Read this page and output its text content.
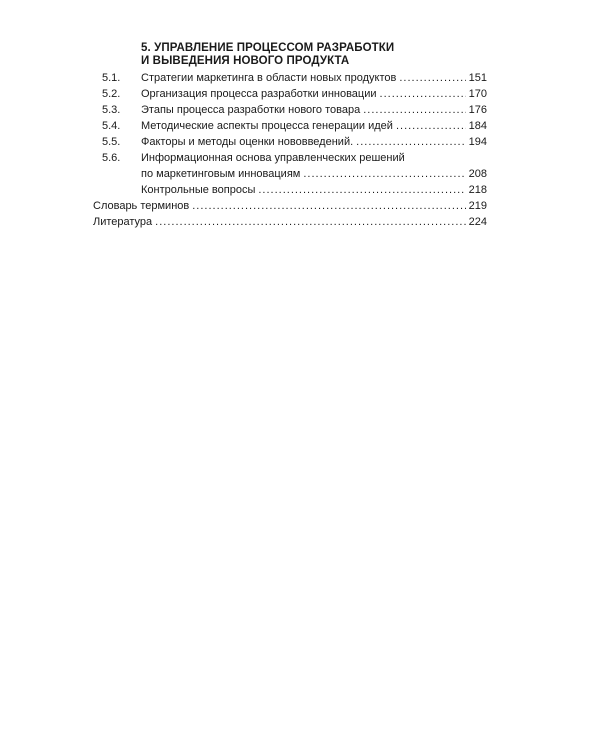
5. УПРАВЛЕНИЕ ПРОЦЕССОМ РАЗРАБОТКИ
И ВЫВЕДЕНИЯ НОВОГО ПРОДУКТА
5.1. Стратегии маркетинга в области новых продуктов .....	151
5.2. Организация процесса разработки инновации .....	170
5.3. Этапы процесса разработки нового товара .....	176
5.4. Методические аспекты процесса генерации идей .....	184
5.5. Факторы и методы оценки нововведений. .....	194
5.6. Информационная основа управленческих решений
по маркетинговым инновациям .....	208
Контрольные вопросы .....	218
Словарь терминов .....	219
Литература .....	224
